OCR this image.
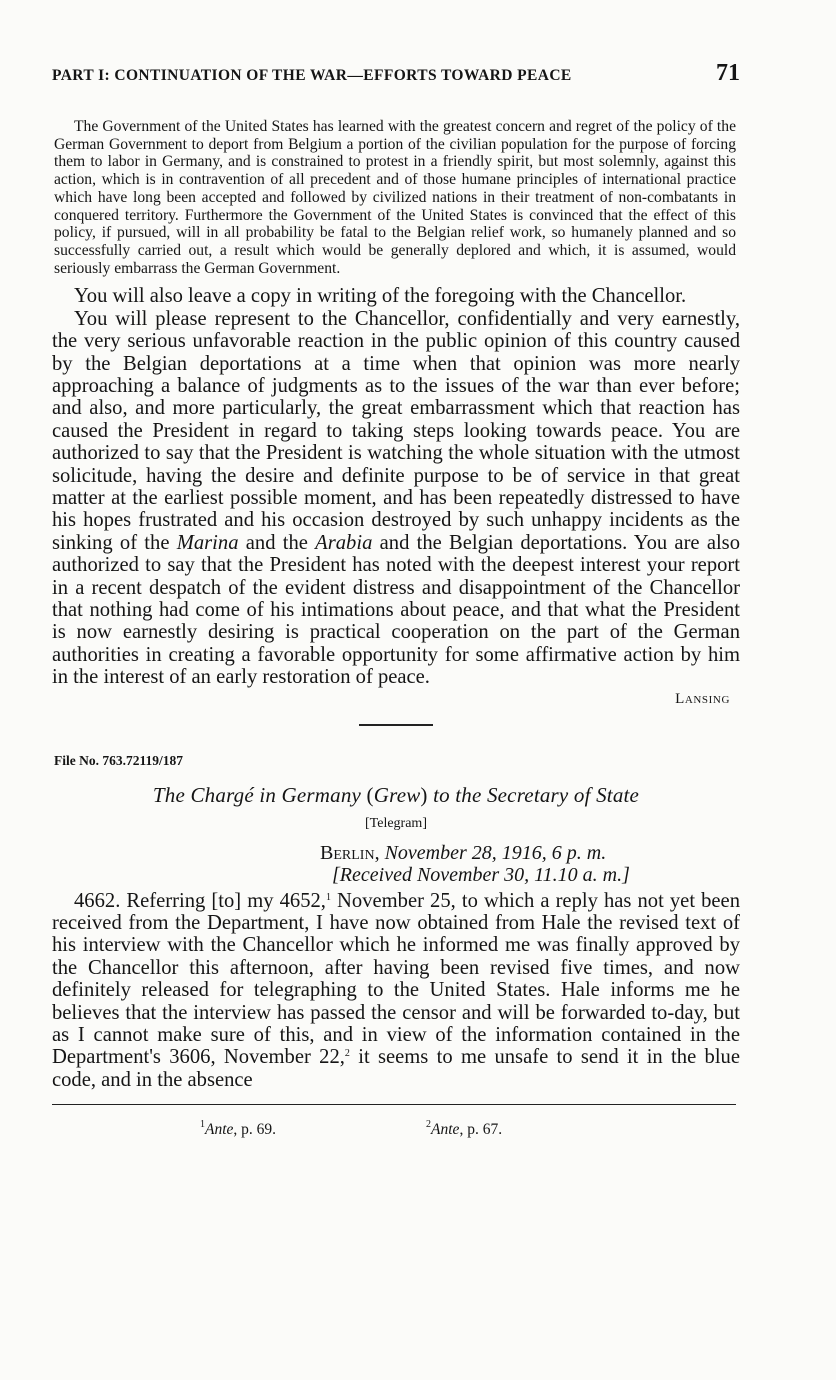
PART I: CONTINUATION OF THE WAR—EFFORTS TOWARD PEACE	71
The Government of the United States has learned with the greatest concern and regret of the policy of the German Government to deport from Belgium a portion of the civilian population for the purpose of forcing them to labor in Germany, and is constrained to protest in a friendly spirit, but most solemnly, against this action, which is in contravention of all precedent and of those humane principles of international practice which have long been accepted and followed by civilized nations in their treatment of non-combatants in conquered territory. Furthermore the Government of the United States is convinced that the effect of this policy, if pursued, will in all probability be fatal to the Belgian relief work, so humanely planned and so successfully carried out, a result which would be generally deplored and which, it is assumed, would seriously embarrass the German Government.

You will also leave a copy in writing of the foregoing with the Chancellor.

You will please represent to the Chancellor, confidentially and very earnestly, the very serious unfavorable reaction in the public opinion of this country caused by the Belgian deportations at a time when that opinion was more nearly approaching a balance of judgments as to the issues of the war than ever before; and also, and more particularly, the great embarrassment which that reaction has caused the President in regard to taking steps looking towards peace. You are authorized to say that the President is watching the whole situation with the utmost solicitude, having the desire and definite purpose to be of service in that great matter at the earliest possible moment, and has been repeatedly distressed to have his hopes frustrated and his occasion destroyed by such unhappy incidents as the sinking of the Marina and the Arabia and the Belgian deportations. You are also authorized to say that the President has noted with the deepest interest your report in a recent despatch of the evident distress and disappointment of the Chancellor that nothing had come of his intimations about peace, and that what the President is now earnestly desiring is practical cooperation on the part of the German authorities in creating a favorable opportunity for some affirmative action by him in the interest of an early restoration of peace.

Lansing
File No. 763.72119/187
The Chargé in Germany (Grew) to the Secretary of State
[Telegram]
Berlin, November 28, 1916, 6 p. m.
[Received November 30, 11.10 a. m.]

4662. Referring [to] my 4652,$^1$ November 25, to which a reply has not yet been received from the Department, I have now obtained from Hale the revised text of his interview with the Chancellor which he informed me was finally approved by the Chancellor this afternoon, after having been revised five times, and now definitely released for telegraphing to the United States. Hale informs me he believes that the interview has passed the censor and will be forwarded to-day, but as I cannot make sure of this, and in view of the information contained in the Department's 3606, November 22,$^2$ it seems to me unsafe to send it in the blue code, and in the absence

$^1$Ante, p. 69.	$^2$Ante, p. 67.
